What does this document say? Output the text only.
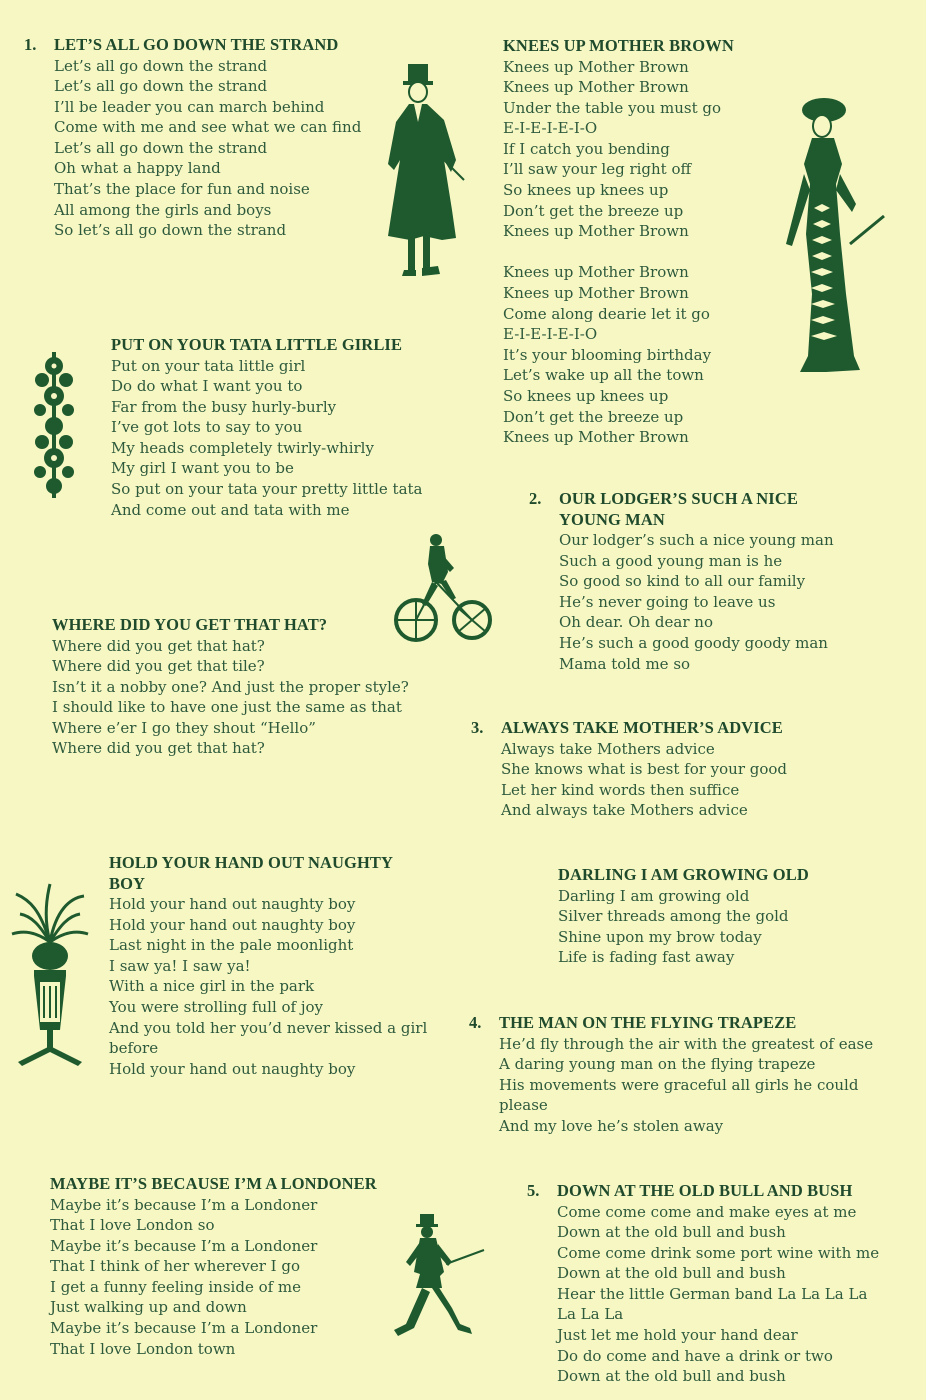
1. LET’S ALL GO DOWN THE STRAND

Let’s all go down the strand

Let’s all go down the strand

I’ll be leader you can march behind

Come with me and see what we can find

Let’s all go down the strand

Oh what a happy land

That’s the place for fun and noise

All among the girls and boys

So let’s all go down the strand

PUT ON YOUR TATA LITTLE GIRLIE

Put on your tata little girl

Do do what I want you to

Far from the busy hurly-burly

I’ve got lots to say to you

My heads completely twirly-whirly

My girl I want you to be

So put on your tata your pretty little tata

And come out and tata with me

WHERE DID YOU GET THAT HAT?

Where did you get that hat?

Where did you get that tile?

Isn’t it a nobby one? And just the proper style?

I should like to have one just the same as that

Where e’er I go they shout “Hello”

Where did you get that hat?

HOLD YOUR HAND OUT NAUGHTY
BOY

Hold your hand out naughty boy

Hold your hand out naughty boy

Last night in the pale moonlight

I saw ya! I saw ya!

With a nice girl in the park

You were strolling full of joy

And you told her you’d never kissed a girl

before

Hold your hand out naughty boy

MAYBE IT’S BECAUSE I’M A LONDONER

Maybe it’s because I’m a Londoner

That I love London so

Maybe it’s because I’m a Londoner

That I think of her wherever I go

I get a funny feeling inside of me

Just walking up and down

Maybe it’s because I’m a Londoner

That I love London town

KNEES UP MOTHER BROWN

Knees up Mother Brown

Knees up Mother Brown

Under the table you must go

E-I-E-I-E-I-O

If I catch you bending

I’ll saw your leg right off

So knees up knees up

Don’t get the breeze up

Knees up Mother Brown

Knees up Mother Brown

Knees up Mother Brown

Come along dearie let it go

E-I-E-I-E-I-O

It’s your blooming birthday

Let’s wake up all the town

So knees up knees up

Don’t get the breeze up

Knees up Mother Brown

2. OUR LODGER’S SUCH A NICE
YOUNG MAN

Our lodger’s such a nice young man

Such a good young man is he

So good so kind to all our family

He’s never going to leave us

Oh dear. Oh dear no

He’s such a good goody goody man

Mama told me so

3. ALWAYS TAKE MOTHER’S ADVICE

Always take Mothers advice

She knows what is best for your good

Let her kind words then suffice

And always take Mothers advice

DARLING I AM GROWING OLD

Darling I am growing old

Silver threads among the gold

Shine upon my brow today

Life is fading fast away

4. THE MAN ON THE FLYING TRAPEZE

He’d fly through the air with the greatest of ease

A daring young man on the flying trapeze

His movements were graceful all girls he could

please

And my love he’s stolen away

5. DOWN AT THE OLD BULL AND BUSH

Come come come and make eyes at me

Down at the old bull and bush

Come come drink some port wine with me

Down at the old bull and bush

Hear the little German band La La La La

La La La

Just let me hold your hand dear

Do do come and have a drink or two

Down at the old bull and bush
